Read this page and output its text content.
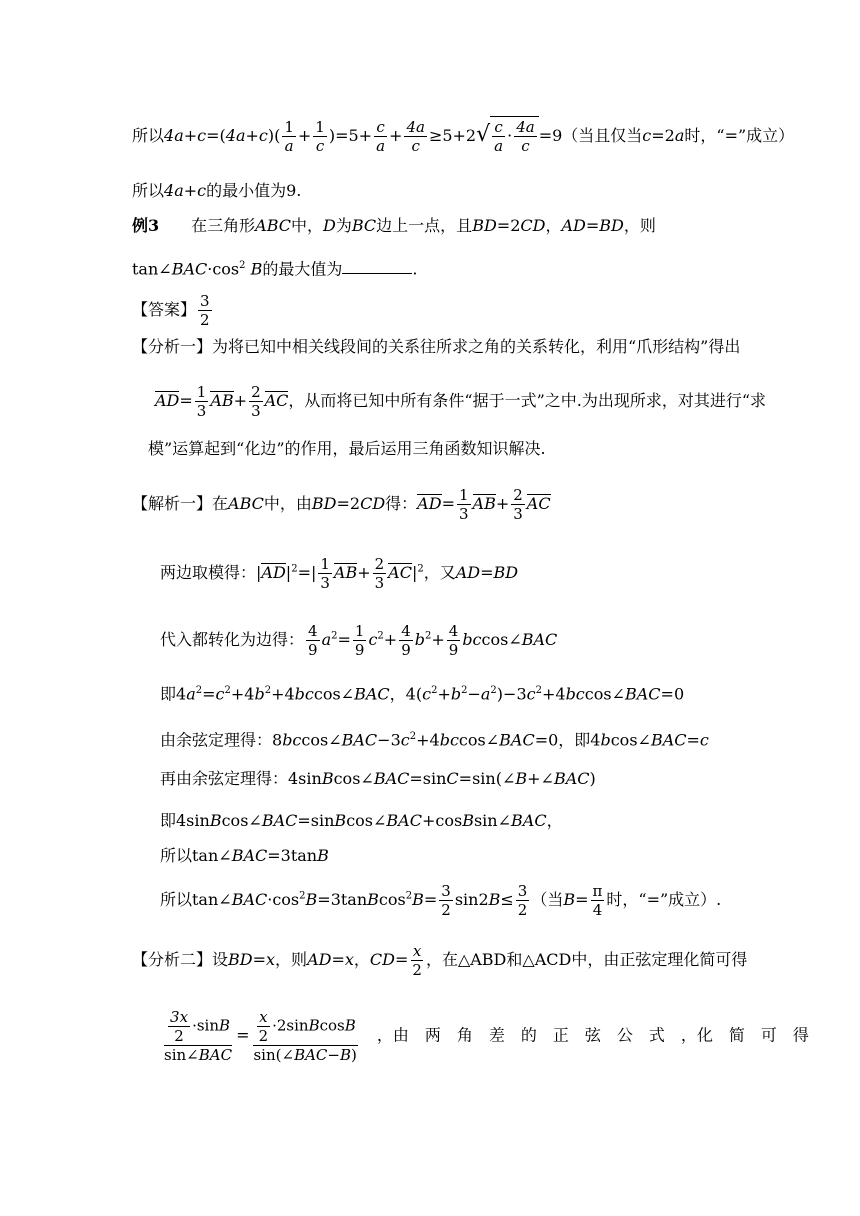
所以$4a+c=(4a+c)( \frac{1}{a} + \frac{1}{c} )=5+ \frac{c}{a} + \frac{4a}{c} \ge 5+2√ \frac{c}{a} \cdot \frac{4a}{c} =9$（当且仅当c=2a时，“=”成立）
所以4a+c的最小值为9.
例3　　在三角形ABC中，D为BC边上一点，且BD=2CD，AD=BD，则
$\tan\angle BAC\cdot\cos^2$ B的最大值为	.
【答案】 $\frac{3}{2}$
【分析一】为将已知中相关线段间的关系往所求之角的关系转化，利用“爪形结构”得出
$AD= \frac{1}{3} AB+ \frac{2}{3}$ AC，从而将已知中所有条件“据于一式”之中.为出现所求，对其进行“求
模”运算起到“化边”的作用，最后运用三角函数知识解决.
【解析一】在ABC中，由BD=2CD得：$AD= \frac{1}{3} AB+ \frac{2}{3}$ AC
两边取模得：$|AD|^2=| \frac{1}{3} AB+ \frac{2}{3} AC|^2$，又AD=BD
代入都转化为边得： $\frac{4}{9} a^2= \frac{1}{9} c^2+ \frac{4}{9} b^2+ \frac{4}{9}$ bccos∠BAC
即$4a^2=c^2+4b^2+4bccos\angle BAC$，$4(c^2+b^2-a^2)-3c^2+4bccos\angle BAC=0$
由余弦定理得：$8bccos\angle BAC-3c^2+4bccos\angle BAC=0$，即4bcos∠BAC=c
再由余弦定理得：4sinBcos∠BAC=sinC=sin(∠B+∠BAC)
即4sinBcos∠BAC=sinBcos∠BAC+cosBsin∠BAC，
所以tan∠BAC=3tanB
所以$\tan\angle BAC\cdot\cos^2B=3tanBcos^2B= \frac{3}{2} \sin 2B\le \frac{3}{2}$ （当$B= \frac{\pi}{4}$ 时，“=”成立）.
【分析二】设BD=x，则AD=x，$CD= \frac{x}{2}$ ，在△ABD和△ACD中，由正弦定理化简可得
$\frac{\frac{3x}{2} \cdot\sin B}{\text{sin∠BAC}} = \frac{\frac{x}{2} \cdot 2sinBcosB}{\text{sin(∠BAC−B)}}$ 　，由　两　角　差　的　正　弦　公　式　，化　简　可　得
